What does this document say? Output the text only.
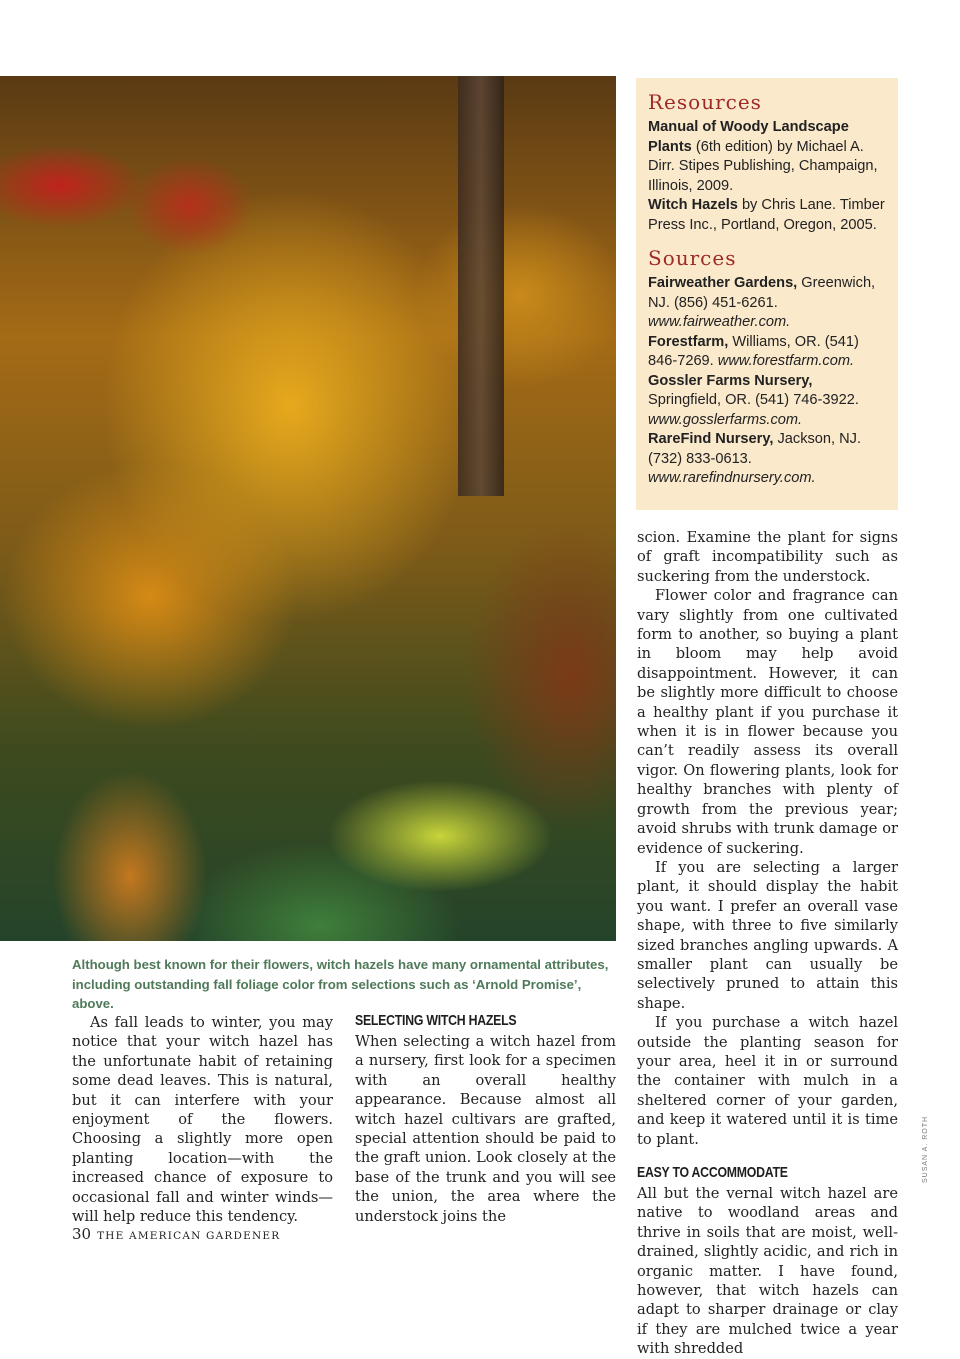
Although best known for their flowers, witch hazels have many ornamental attributes, including outstanding fall foliage color from selections such as ‘Arnold Promise’, above.
Resources

Manual of Woody Landscape Plants (6th edition) by Michael A. Dirr. Stipes Publishing, Champaign, Illinois, 2009.

Witch Hazels by Chris Lane. Timber Press Inc., Portland, Oregon, 2005.

Sources

Fairweather Gardens, Greenwich, NJ. (856) 451-6261. www.fairweather.com.

Forestfarm, Williams, OR. (541) 846-7269. www.forestfarm.com.

Gossler Farms Nursery, Springfield, OR. (541) 746-3922. www.gosslerfarms.com.

RareFind Nursery, Jackson, NJ. (732) 833-0613. www.rarefindnursery.com.

As fall leads to winter, you may notice that your witch hazel has the unfortunate habit of retaining some dead leaves. This is natural, but it can interfere with your enjoyment of the flowers. Choosing a slightly more open planting location—with the increased chance of exposure to occasional fall and winter winds—will help reduce this tendency.

SELECTING WITCH HAZELS

When selecting a witch hazel from a nursery, first look for a specimen with an overall healthy appearance. Because almost all witch hazel cultivars are grafted, special attention should be paid to the graft union. Look closely at the base of the trunk and you will see the union, the area where the understock joins the

scion. Examine the plant for signs of graft incompatibility such as suckering from the understock.

Flower color and fragrance can vary slightly from one cultivated form to another, so buying a plant in bloom may help avoid disappointment. However, it can be slightly more difficult to choose a healthy plant if you purchase it when it is in flower because you can’t readily assess its overall vigor. On flowering plants, look for healthy branches with plenty of growth from the previous year; avoid shrubs with trunk damage or evidence of suckering.

If you are selecting a larger plant, it should display the habit you want. I prefer an overall vase shape, with three to five similarly sized branches angling upwards. A smaller plant can usually be selectively pruned to attain this shape.

If you purchase a witch hazel outside the planting season for your area, heel it in or surround the container with mulch in a sheltered corner of your garden, and keep it watered until it is time to plant.

EASY TO ACCOMMODATE

All but the vernal witch hazel are native to woodland areas and thrive in soils that are moist, well-drained, slightly acidic, and rich in organic matter. I have found, however, that witch hazels can adapt to sharper drainage or clay if they are mulched twice a year with shredded

30 THE AMERICAN GARDENER
SUSAN A. ROTH
